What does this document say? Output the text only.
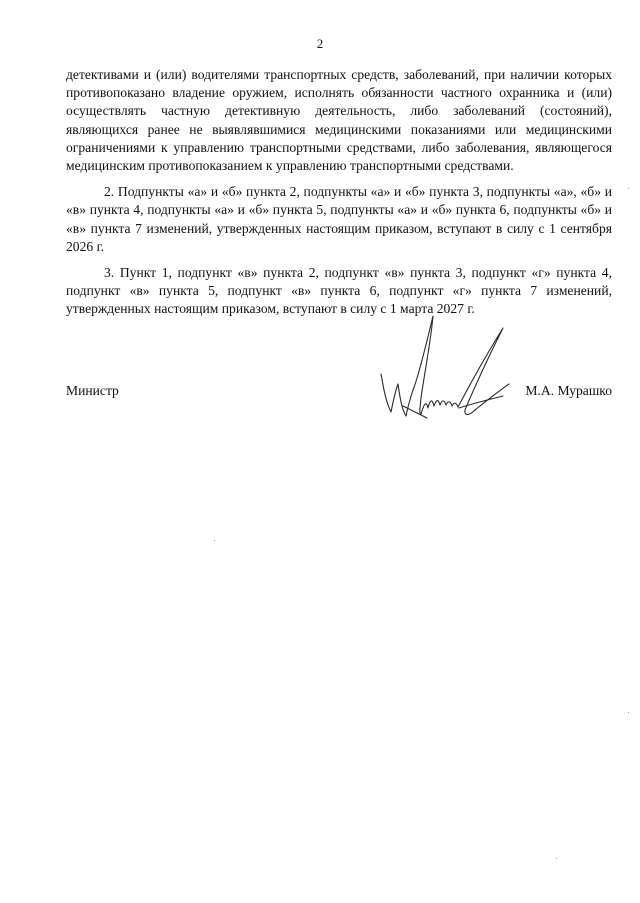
2

детективами и (или) водителями транспортных средств, заболеваний, при наличии которых противопоказано владение оружием, исполнять обязанности частного охранника и (или) осуществлять частную детективную деятельность, либо заболеваний (состояний), являющихся ранее не выявлявшимися медицинскими показаниями или медицинскими ограничениями к управлению транспортными средствами, либо заболевания, являющегося медицинским противопоказанием к управлению транспортными средствами.

2. Подпункты «а» и «б» пункта 2, подпункты «а» и «б» пункта 3, подпункты «а», «б» и «в» пункта 4, подпункты «а» и «б» пункта 5, подпункты «а» и «б» пункта 6, подпункты «б» и «в» пункта 7 изменений, утвержденных настоящим приказом, вступают в силу с 1 сентября 2026 г.

3. Пункт 1, подпункт «в» пункта 2, подпункт «в» пункта 3, подпункт «г» пункта 4, подпункт «в» пункта 5, подпункт «в» пункта 6, подпункт «г» пункта 7 изменений, утвержденных настоящим приказом, вступают в силу с 1 марта 2027 г.

Министр	М.А. Мурашко
